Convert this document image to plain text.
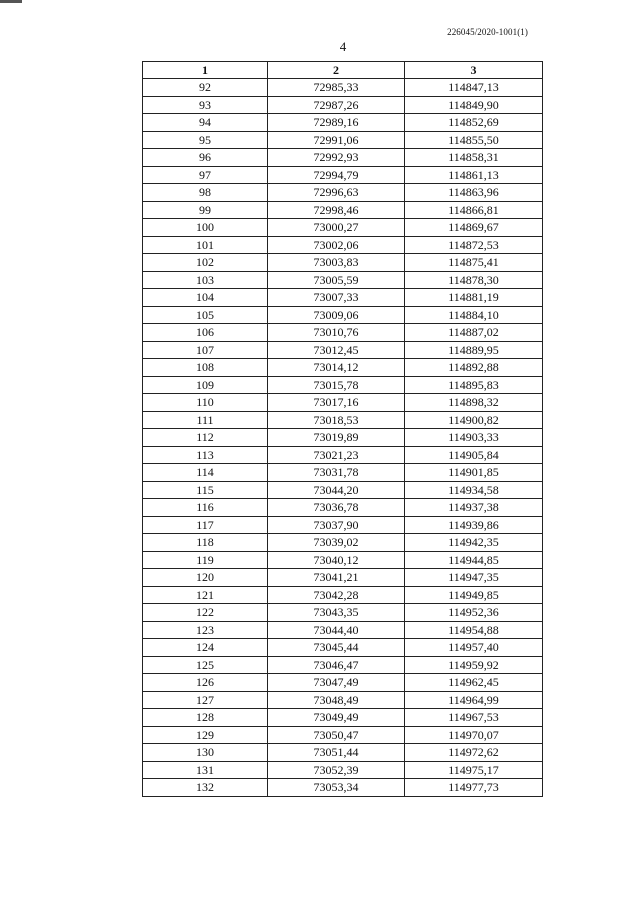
226045/2020-1001(1)
4
1	2	3
92	72985,33	114847,13
93	72987,26	114849,90
94	72989,16	114852,69
95	72991,06	114855,50
96	72992,93	114858,31
97	72994,79	114861,13
98	72996,63	114863,96
99	72998,46	114866,81
100	73000,27	114869,67
101	73002,06	114872,53
102	73003,83	114875,41
103	73005,59	114878,30
104	73007,33	114881,19
105	73009,06	114884,10
106	73010,76	114887,02
107	73012,45	114889,95
108	73014,12	114892,88
109	73015,78	114895,83
110	73017,16	114898,32
111	73018,53	114900,82
112	73019,89	114903,33
113	73021,23	114905,84
114	73031,78	114901,85
115	73044,20	114934,58
116	73036,78	114937,38
117	73037,90	114939,86
118	73039,02	114942,35
119	73040,12	114944,85
120	73041,21	114947,35
121	73042,28	114949,85
122	73043,35	114952,36
123	73044,40	114954,88
124	73045,44	114957,40
125	73046,47	114959,92
126	73047,49	114962,45
127	73048,49	114964,99
128	73049,49	114967,53
129	73050,47	114970,07
130	73051,44	114972,62
131	73052,39	114975,17
132	73053,34	114977,73
